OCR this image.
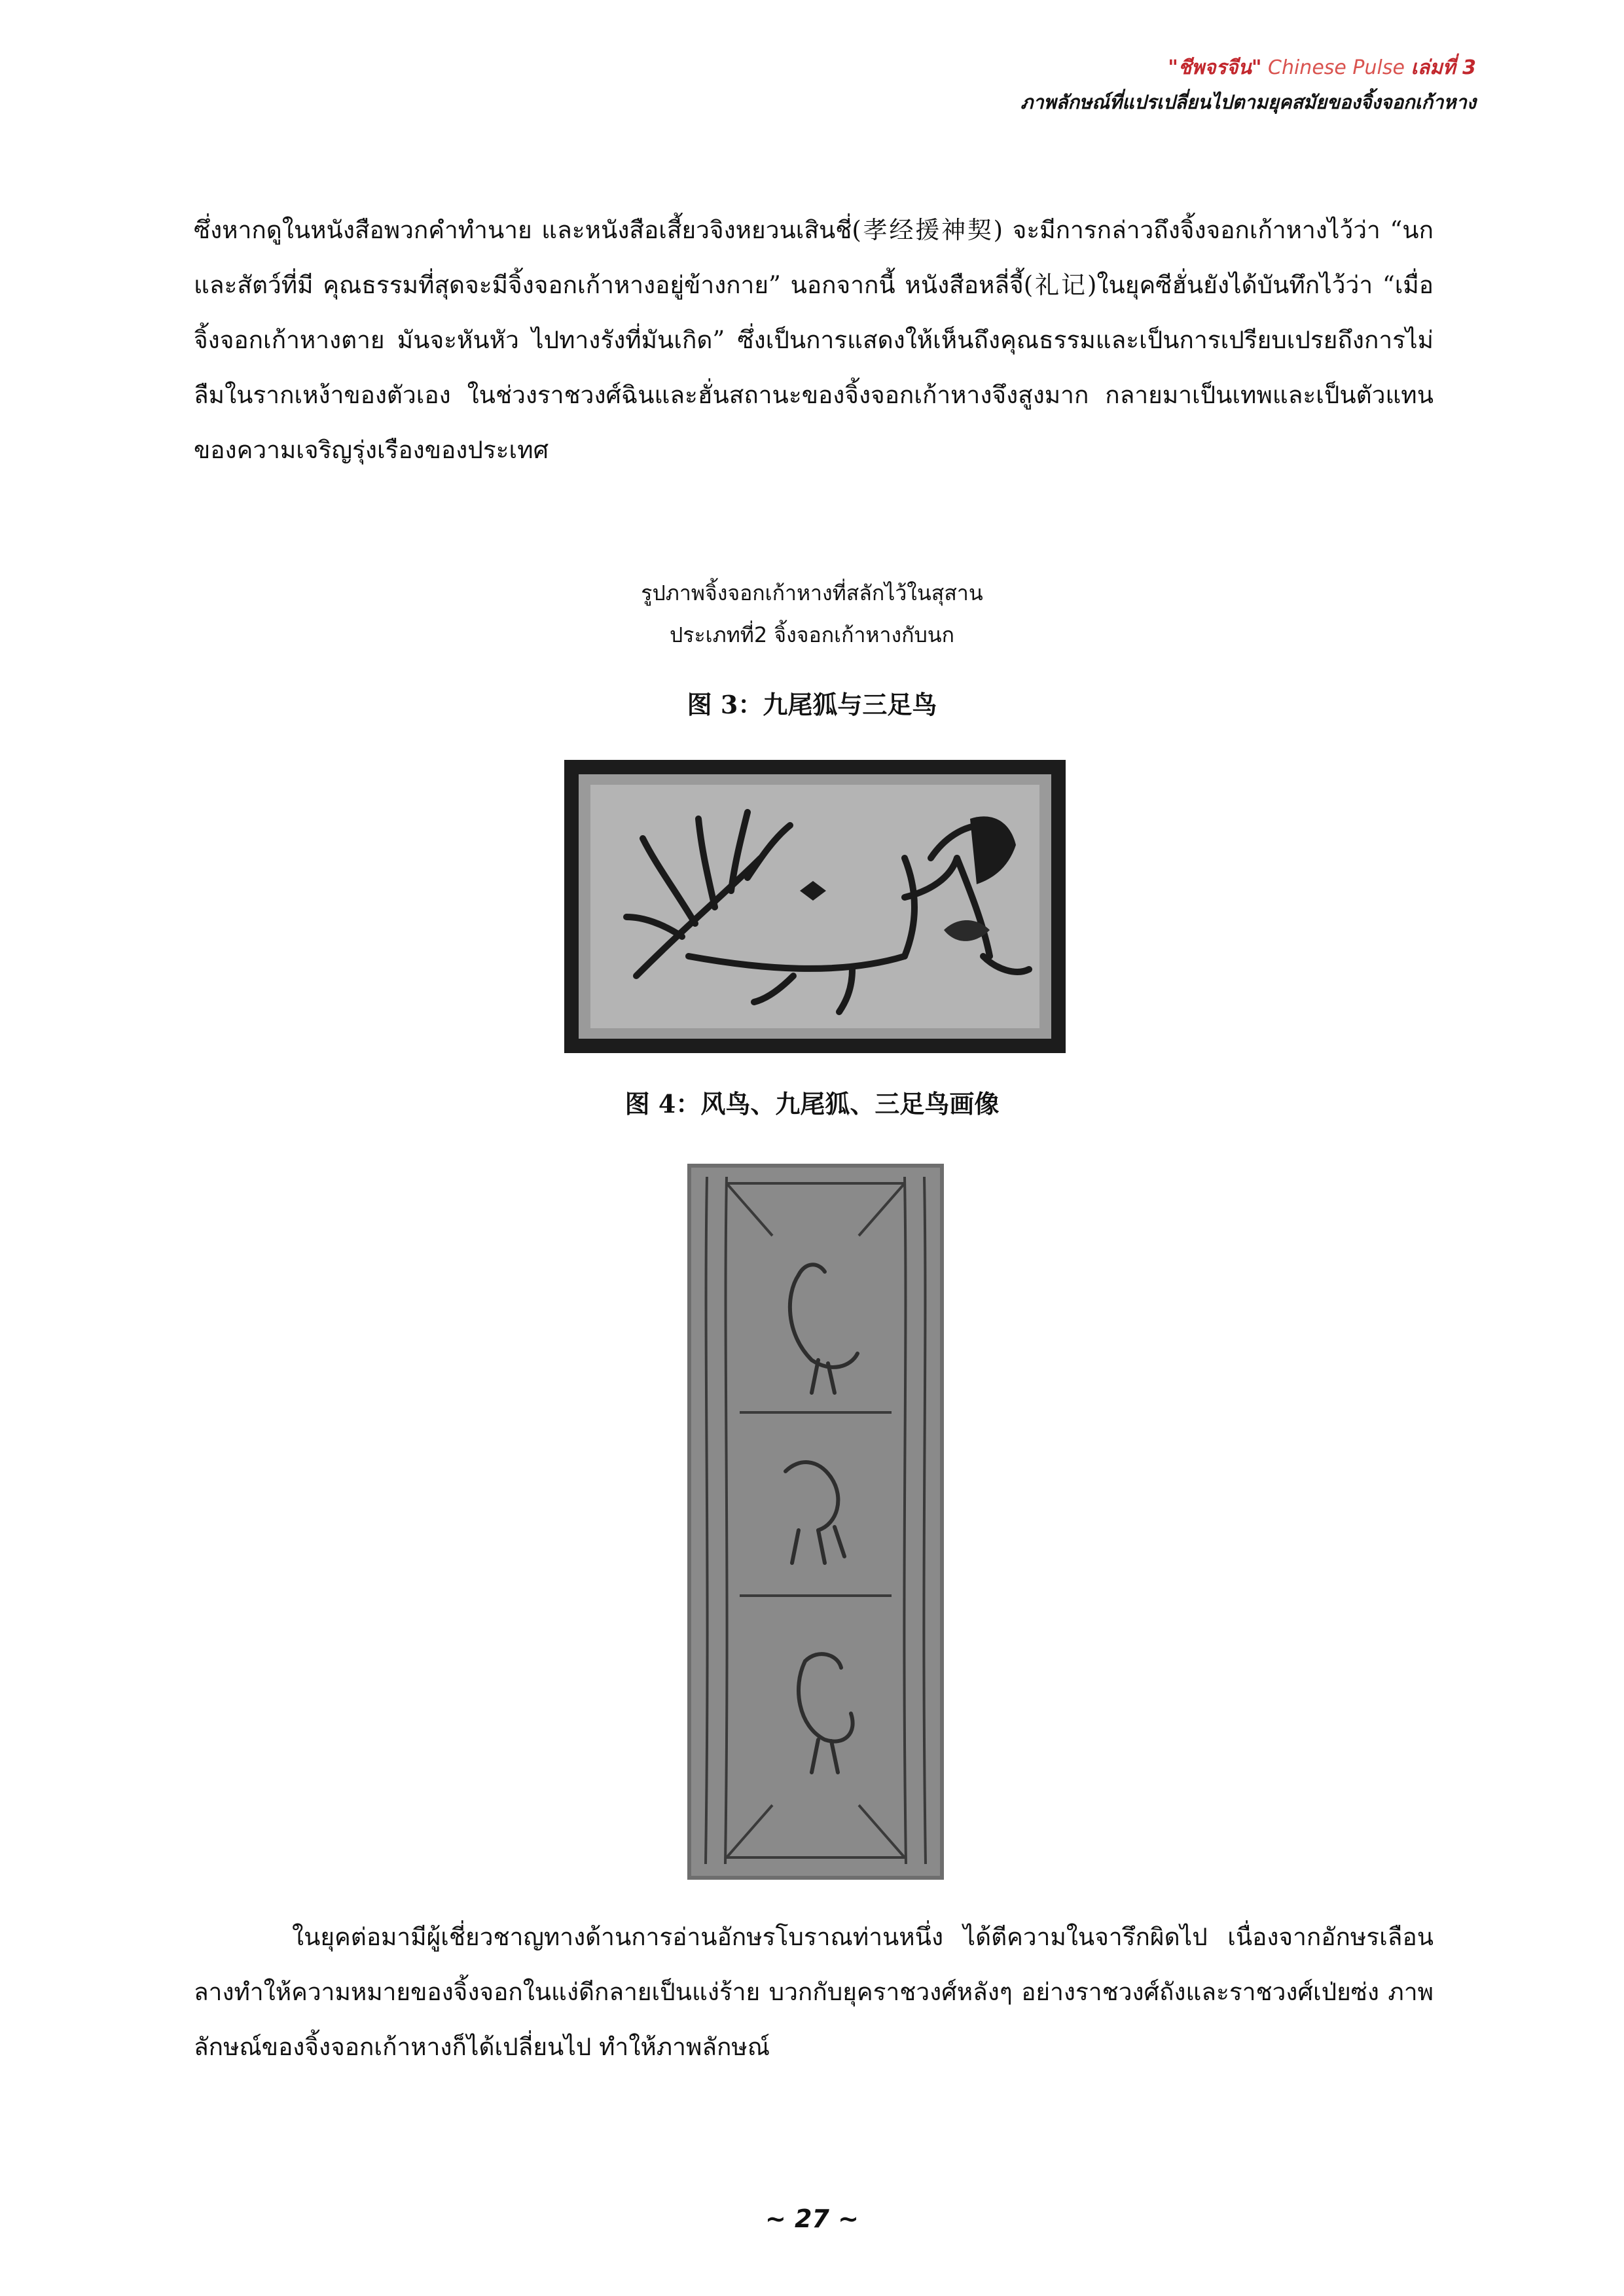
"ชีพจรจีน" Chinese Pulse เล่มที่ 3
ภาพลักษณ์ที่แปรเปลี่ยนไปตามยุคสมัยของจิ้งจอกเก้าหาง
ซึ่งหากดูในหนังสือพวกคำทำนาย และหนังสือเสี้ยวจิงหยวนเสินชี่(孝经援神契) จะมีการกล่าวถึงจิ้งจอกเก้าหางไว้ว่า “นกและสัตว์ที่มี คุณธรรมที่สุดจะมีจิ้งจอกเก้าหางอยู่ข้างกาย” นอกจากนี้ หนังสือหลี่จี้(礼记)ในยุคซีฮั่นยังได้บันทึกไว้ว่า “เมื่อจิ้งจอกเก้าหางตาย มันจะหันหัว ไปทางรังที่มันเกิด” ซึ่งเป็นการแสดงให้เห็นถึงคุณธรรมและเป็นการเปรียบเปรยถึงการไม่ลืมในรากเหง้าของตัวเอง ในช่วงราชวงศ์ฉินและฮั่นสถานะของจิ้งจอกเก้าหางจึงสูงมาก กลายมาเป็นเทพและเป็นตัวแทนของความเจริญรุ่งเรืองของประเทศ
รูปภาพจิ้งจอกเก้าหางที่สลักไว้ในสุสาน
ประเภทที่2 จิ้งจอกเก้าหางกับนก
图 3：九尾狐与三足鸟
图 4：风鸟、九尾狐、三足鸟画像
ในยุคต่อมามีผู้เชี่ยวชาญทางด้านการอ่านอักษรโบราณท่านหนึ่ง ได้ตีความในจารึกผิดไป เนื่องจากอักษรเลือนลางทำให้ความหมายของจิ้งจอกในแง่ดีกลายเป็นแง่ร้าย บวกกับยุคราชวงศ์หลังๆ อย่างราชวงศ์ถังและราชวงศ์เป่ยซ่ง ภาพลักษณ์ของจิ้งจอกเก้าหางก็ได้เปลี่ยนไป ทำให้ภาพลักษณ์
~ 27 ~
